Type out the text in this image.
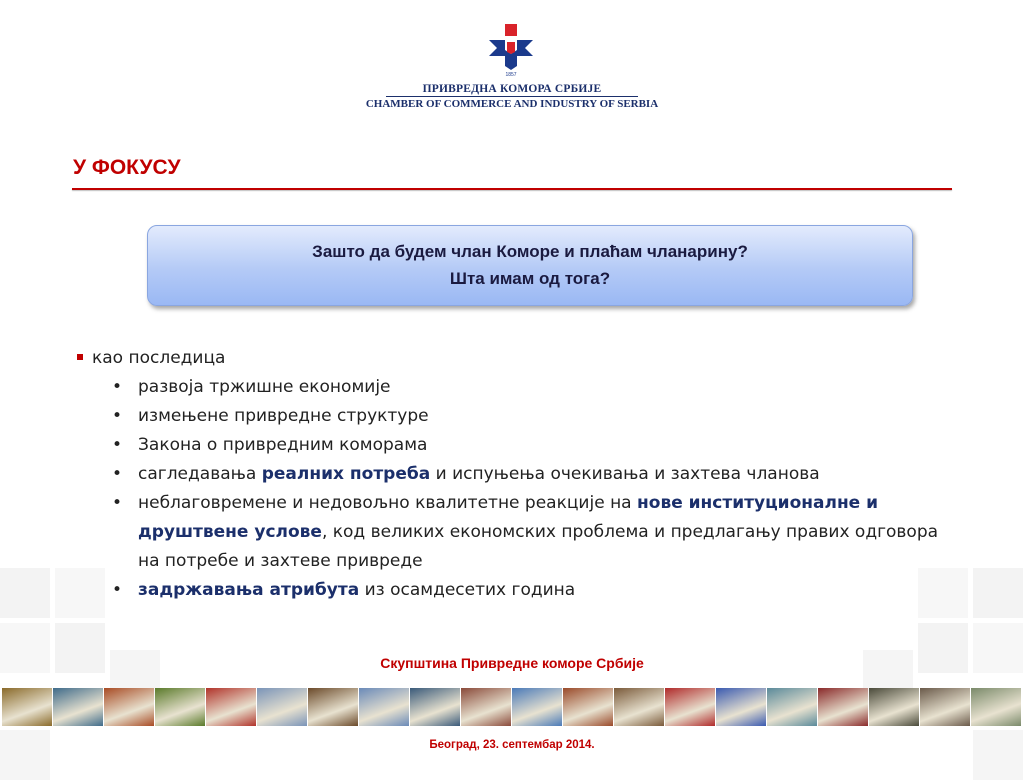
1857
ПРИВРЕДНА КОМОРА СРБИЈЕ
CHAMBER OF COMMERCE AND INDUSTRY OF SERBIA
У ФОКУСУ
Зашто да будем члан Коморе и плаћам чланарину?
Шта имам од тога?
као последица
• развоја тржишне економије
• измењене привредне структуре
• Закона о привредним коморама
• сагледавања реалних потреба и испуњења очекивања и захтева чланова
• неблаговремене и недовољно квалитетне реакције на нове институционалне и друштвене услове, код великих економских проблема и предлагању правих одговора на потребе и захтеве привреде
• задржавања атрибута из осамдесетих година
Скупштина Привредне коморе Србије
Београд, 23. септембар 2014.
